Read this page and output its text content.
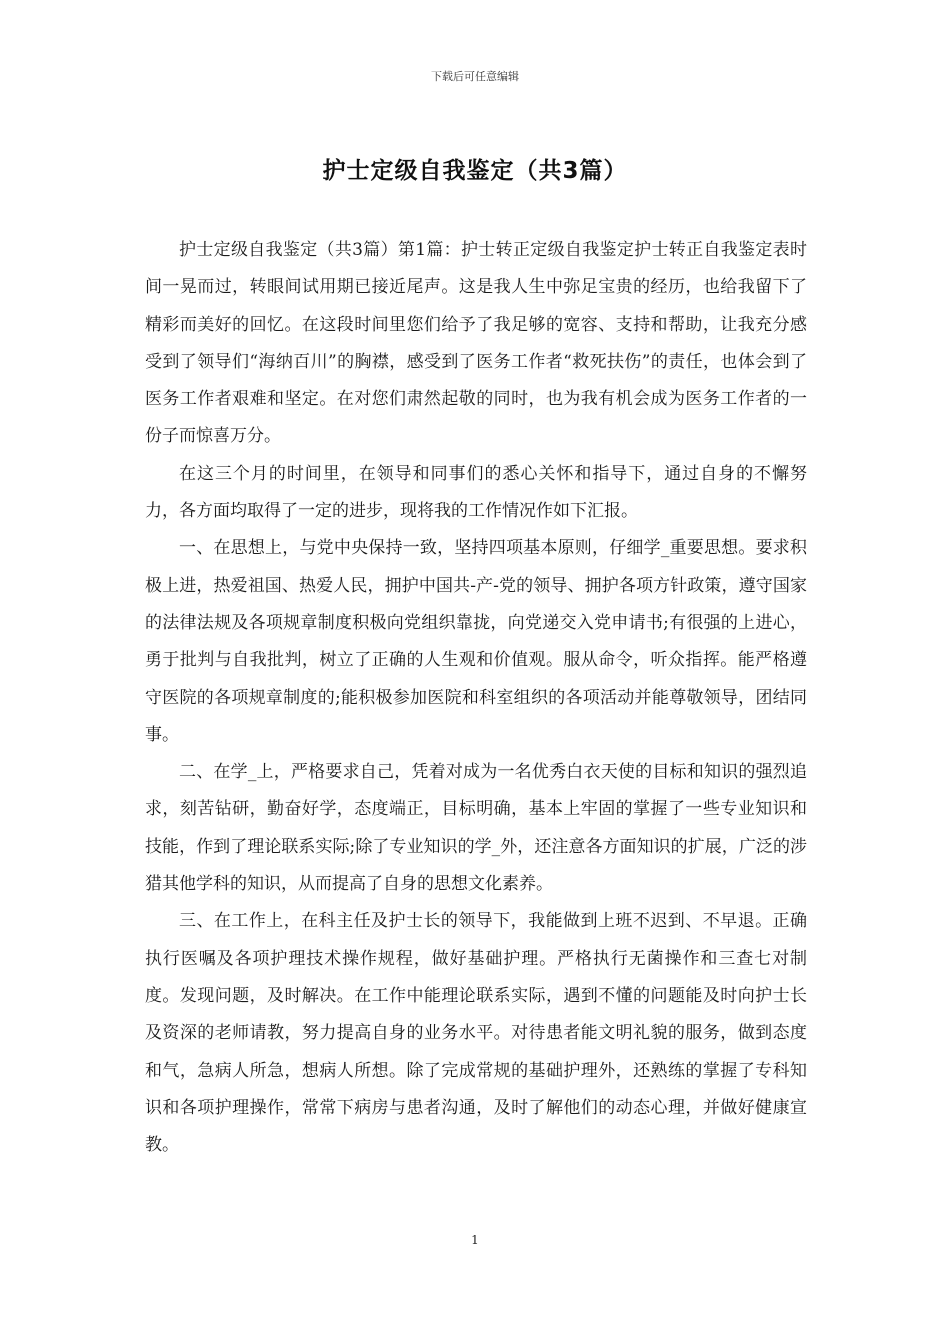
下载后可任意编辑
护士定级自我鉴定（共3篇）

护士定级自我鉴定（共3篇）第1篇：护士转正定级自我鉴定护士转正自我鉴定表时间一晃而过，转眼间试用期已接近尾声。这是我人生中弥足宝贵的经历，也给我留下了精彩而美好的回忆。在这段时间里您们给予了我足够的宽容、支持和帮助，让我充分感受到了领导们“海纳百川”的胸襟，感受到了医务工作者“救死扶伤”的责任，也体会到了医务工作者艰难和坚定。在对您们肃然起敬的同时，也为我有机会成为医务工作者的一份子而惊喜万分。

在这三个月的时间里，在领导和同事们的悉心关怀和指导下，通过自身的不懈努力，各方面均取得了一定的进步，现将我的工作情况作如下汇报。

一、在思想上，与党中央保持一致，坚持四项基本原则，仔细学_重要思想。要求积极上进，热爱祖国、热爱人民，拥护中国共-产-党的领导、拥护各项方针政策，遵守国家的法律法规及各项规章制度积极向党组织靠拢，向党递交入党申请书;有很强的上进心，勇于批判与自我批判，树立了正确的人生观和价值观。服从命令，听众指挥。能严格遵守医院的各项规章制度的;能积极参加医院和科室组织的各项活动并能尊敬领导，团结同事。

二、在学_上，严格要求自己，凭着对成为一名优秀白衣天使的目标和知识的强烈追求，刻苦钻研，勤奋好学，态度端正，目标明确，基本上牢固的掌握了一些专业知识和技能，作到了理论联系实际;除了专业知识的学_外，还注意各方面知识的扩展，广泛的涉猎其他学科的知识，从而提高了自身的思想文化素养。

三、在工作上，在科主任及护士长的领导下，我能做到上班不迟到、不早退。正确执行医嘱及各项护理技术操作规程，做好基础护理。严格执行无菌操作和三查七对制度。发现问题，及时解决。在工作中能理论联系实际，遇到不懂的问题能及时向护士长及资深的老师请教，努力提高自身的业务水平。对待患者能文明礼貌的服务，做到态度和气，急病人所急，想病人所想。除了完成常规的基础护理外，还熟练的掌握了专科知识和各项护理操作，常常下病房与患者沟通，及时了解他们的动态心理，并做好健康宣教。

1
